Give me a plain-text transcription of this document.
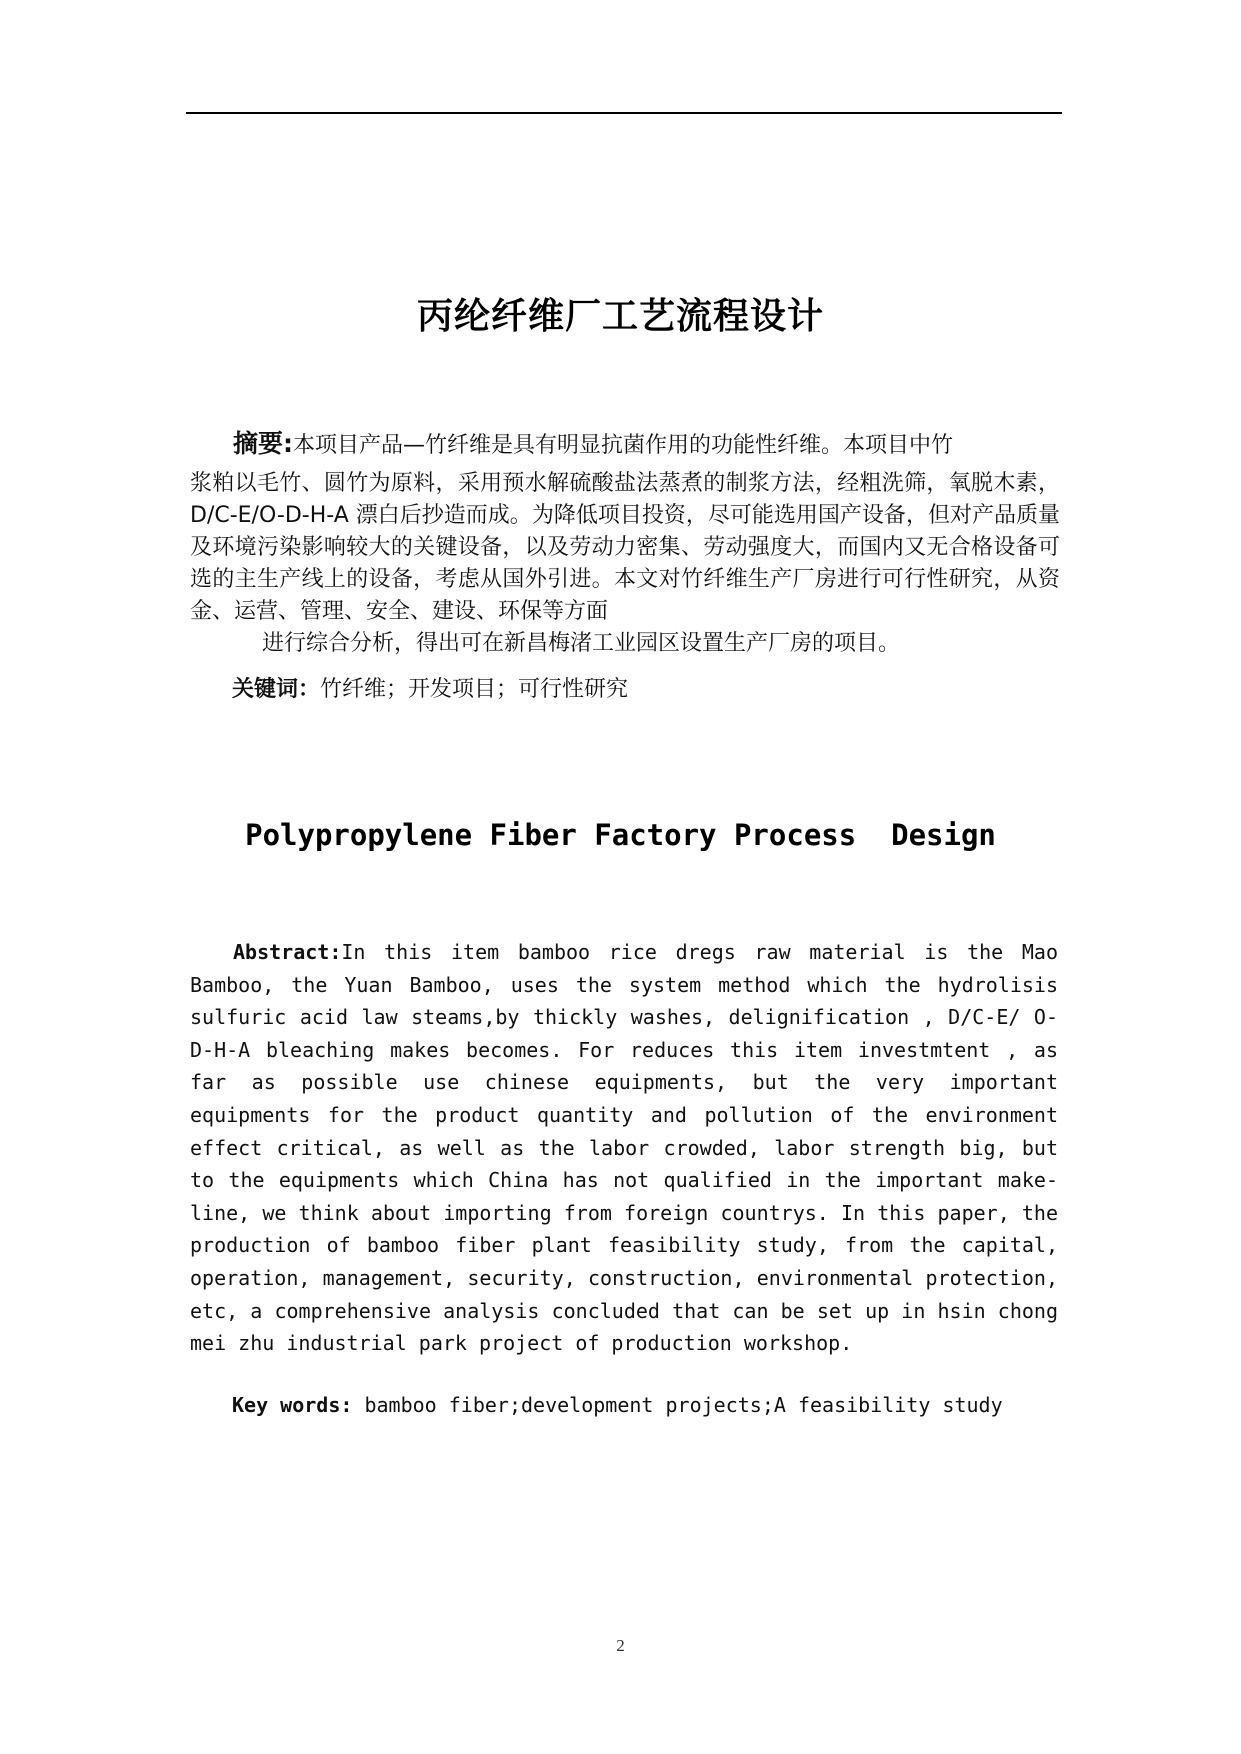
丙纶纤维厂工艺流程设计

摘要:本项目产品—竹纤维是具有明显抗菌作用的功能性纤维。本项目中竹

浆粕以毛竹、圆竹为原料，采用预水解硫酸盐法蒸煮的制浆方法，经粗洗筛，氧脱木素，D/C-E/O-D-H-A 漂白后抄造而成。为降低项目投资，尽可能选用国产设备，但对产品质量及环境污染影响较大的关键设备，以及劳动力密集、劳动强度大，而国内又无合格设备可选的主生产线上的设备，考虑从国外引进。本文对竹纤维生产厂房进行可行性研究，从资金、运营、管理、安全、建设、环保等方面

进行综合分析，得出可在新昌梅渚工业园区设置生产厂房的项目。

关键词：竹纤维；开发项目；可行性研究
Polypropylene Fiber Factory Process  Design

Abstract:In this item bamboo rice dregs raw material is the Mao Bamboo, the Yuan Bamboo, uses the system method which the hydrolisis sulfuric acid law steams,by thickly washes, delignification , D/C-E/ O-D-H-A bleaching makes becomes. For reduces this item investmtent , as far as possible use chinese equipments, but the very important equipments for the product quantity and pollution of the environment effect critical, as well as the labor crowded, labor strength big, but to the equipments which China has not qualified in the important make-line, we think about importing from foreign countrys. In this paper, the production of bamboo fiber plant feasibility study, from the capital, operation, management, security, construction, environmental protection, etc, a comprehensive analysis concluded that can be set up in hsin chong mei zhu industrial park project of production workshop.

Key words: bamboo fiber;development projects;A feasibility study
2
